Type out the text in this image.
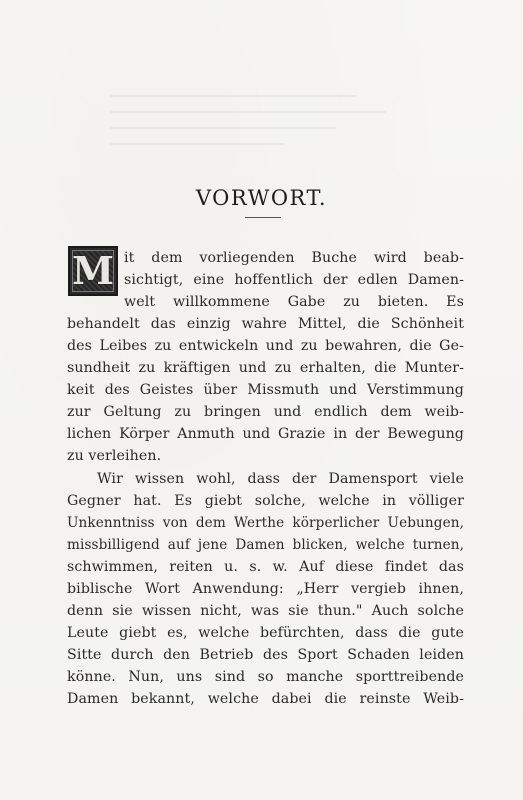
VORWORT.
M it dem vorliegenden Buche wird beab-
sichtigt, eine hoffentlich der edlen Damen-
welt willkommene Gabe zu bieten. Es
behandelt das einzig wahre Mittel, die Schönheit
des Leibes zu entwickeln und zu bewahren, die Ge-
sundheit zu kräftigen und zu erhalten, die Munter-
keit des Geistes über Missmuth und Verstimmung
zur Geltung zu bringen und endlich dem weib-
lichen Körper Anmuth und Grazie in der Bewegung
zu verleihen.
Wir wissen wohl, dass der Damensport viele
Gegner hat. Es giebt solche, welche in völliger
Unkenntniss von dem Werthe körperlicher Uebungen,
missbilligend auf jene Damen blicken, welche turnen,
schwimmen, reiten u. s. w. Auf diese findet das
biblische Wort Anwendung: „Herr vergieb ihnen,
denn sie wissen nicht, was sie thun." Auch solche
Leute giebt es, welche befürchten, dass die gute
Sitte durch den Betrieb des Sport Schaden leiden
könne. Nun, uns sind so manche sporttreibende
Damen bekannt, welche dabei die reinste Weib-
